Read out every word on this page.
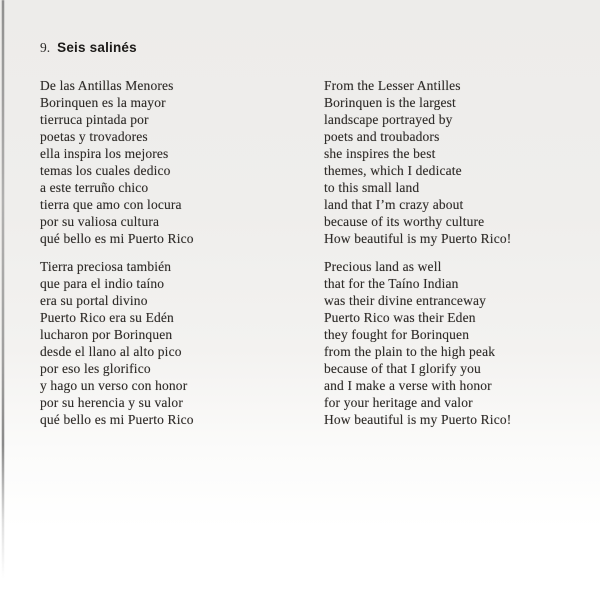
9. Seis salinés
De las Antillas Menores
Borinquen es la mayor
tierruca pintada por
poetas y trovadores
ella inspira los mejores
temas los cuales dedico
a este terruño chico
tierra que amo con locura
por su valiosa cultura
qué bello es mi Puerto Rico
Tierra preciosa también
que para el indio taíno
era su portal divino
Puerto Rico era su Edén
lucharon por Borinquen
desde el llano al alto pico
por eso les glorifico
y hago un verso con honor
por su herencia y su valor
qué bello es mi Puerto Rico
From the Lesser Antilles
Borinquen is the largest
landscape portrayed by
poets and troubadors
she inspires the best
themes, which I dedicate
to this small land
land that I’m crazy about
because of its worthy culture
How beautiful is my Puerto Rico!
Precious land as well
that for the Taíno Indian
was their divine entranceway
Puerto Rico was their Eden
they fought for Borinquen
from the plain to the high peak
because of that I glorify you
and I make a verse with honor
for your heritage and valor
How beautiful is my Puerto Rico!
